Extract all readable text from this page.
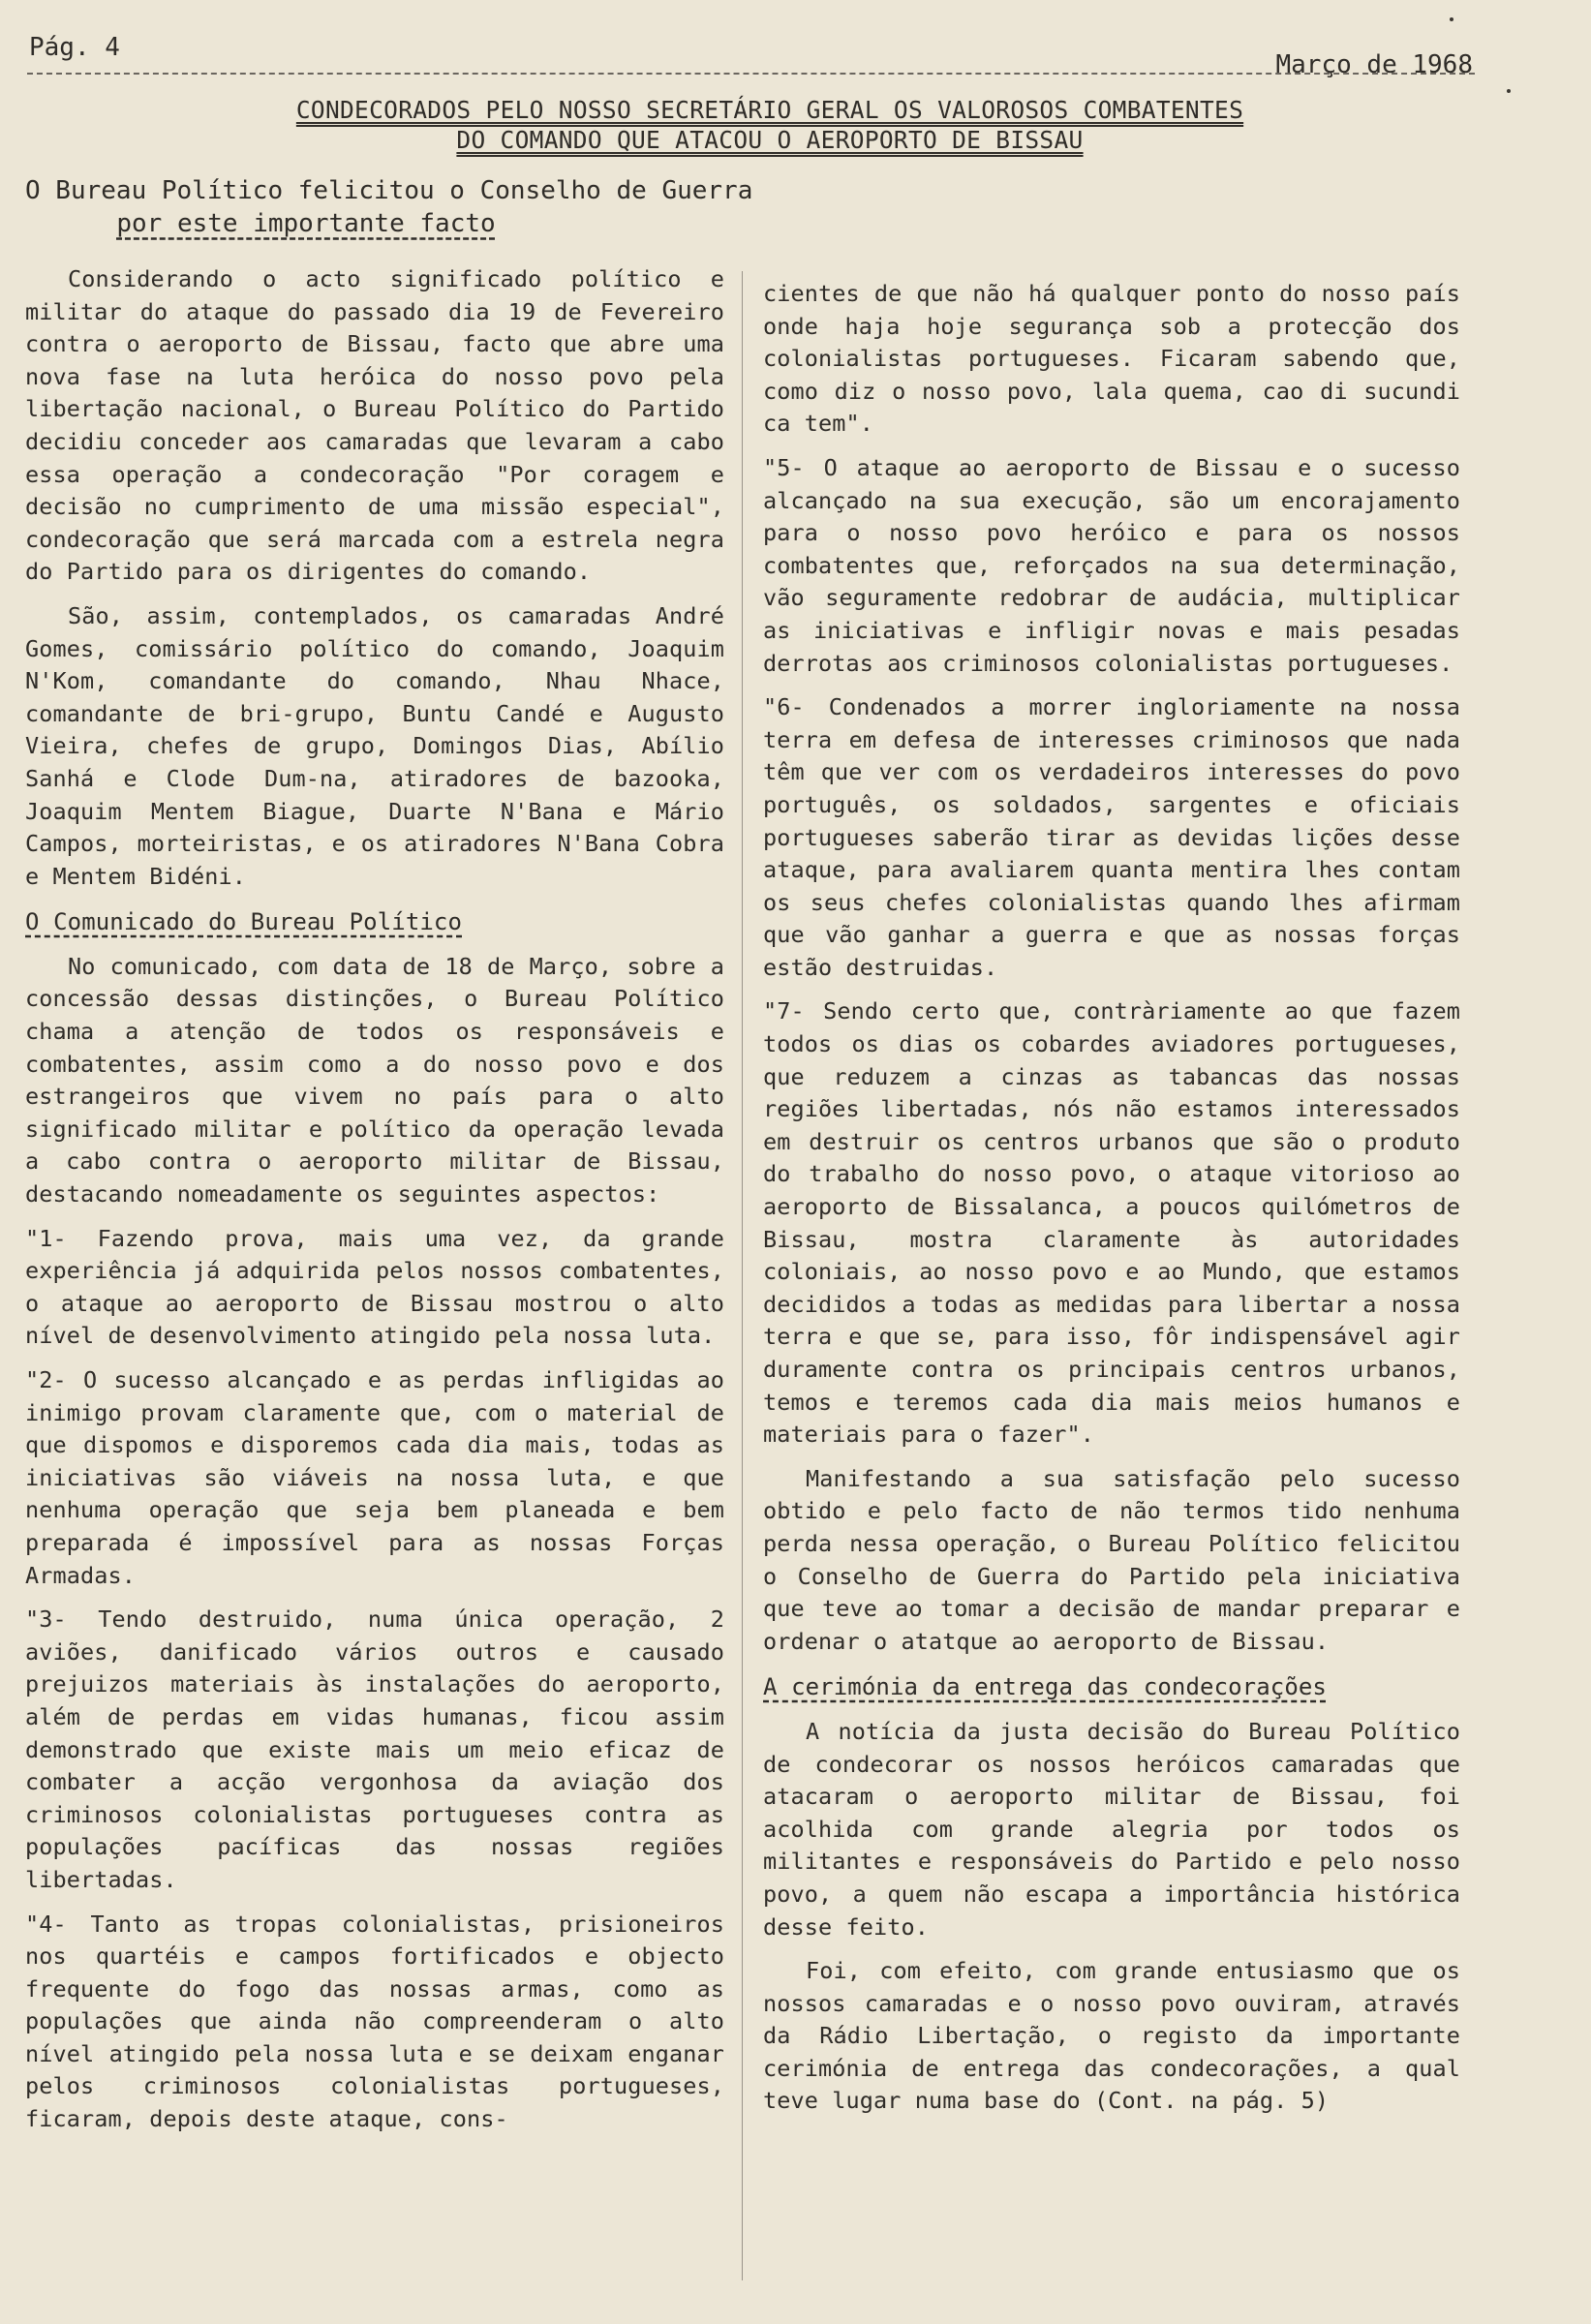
Pág. 4
Março de 1968
CONDECORADOS PELO NOSSO SECRETÁRIO GERAL OS VALOROSOS COMBATENTES
DO COMANDO QUE ATACOU O AEROPORTO DE BISSAU
O Bureau Político felicitou o Conselho de Guerra
por este importante facto

Considerando o acto significado político e militar do ataque do passado dia 19 de Fevereiro contra o aeroporto de Bissau, facto que abre uma nova fase na luta heróica do nosso povo pela libertação nacional, o Bureau Político do Partido decidiu conceder aos camaradas que levaram a cabo essa operação a condecoração "Por coragem e decisão no cumprimento de uma missão especial", condecoração que será marcada com a estrela negra do Partido para os dirigentes do comando.

São, assim, contemplados, os camaradas André Gomes, comissário político do comando, Joaquim N'Kom, comandante do comando, Nhau Nhace, comandante de bri-grupo, Buntu Candé e Augusto Vieira, chefes de grupo, Domingos Dias, Abílio Sanhá e Clode Dum-na, atiradores de bazooka, Joaquim Mentem Biague, Duarte N'Bana e Mário Campos, morteiristas, e os atiradores N'Bana Cobra e Mentem Bidéni.

O Comunicado do Bureau Político

No comunicado, com data de 18 de Março, sobre a concessão dessas distinções, o Bureau Político chama a atenção de todos os responsáveis e combatentes, assim como a do nosso povo e dos estrangeiros que vivem no país para o alto significado militar e político da operação levada a cabo contra o aeroporto militar de Bissau, destacando nomeadamente os seguintes aspectos:

"1- Fazendo prova, mais uma vez, da grande experiência já adquirida pelos nossos combatentes, o ataque ao aeroporto de Bissau mostrou o alto nível de desenvolvimento atingido pela nossa luta.

"2- O sucesso alcançado e as perdas infligidas ao inimigo provam claramente que, com o material de que dispomos e disporemos cada dia mais, todas as iniciativas são viáveis na nossa luta, e que nenhuma operação que seja bem planeada e bem preparada é impossível para as nossas Forças Armadas.

"3- Tendo destruido, numa única operação, 2 aviões, danificado vários outros e causado prejuizos materiais às instalações do aeroporto, além de perdas em vidas humanas, ficou assim demonstrado que existe mais um meio eficaz de combater a acção vergonhosa da aviação dos criminosos colonialistas portugueses contra as populações pacíficas das nossas regiões libertadas.

"4- Tanto as tropas colonialistas, prisioneiros nos quartéis e campos fortificados e objecto frequente do fogo das nossas armas, como as populações que ainda não compreenderam o alto nível atingido pela nossa luta e se deixam enganar pelos criminosos colonialistas portugueses, ficaram, depois deste ataque, cons-

cientes de que não há qualquer ponto do nosso país onde haja hoje segurança sob a protecção dos colonialistas portugueses. Ficaram sabendo que, como diz o nosso povo, lala quema, cao di sucundi ca tem".

"5- O ataque ao aeroporto de Bissau e o sucesso alcançado na sua execução, são um encorajamento para o nosso povo heróico e para os nossos combatentes que, reforçados na sua determinação, vão seguramente redobrar de audácia, multiplicar as iniciativas e infligir novas e mais pesadas derrotas aos criminosos colonialistas portugueses.

"6- Condenados a morrer ingloriamente na nossa terra em defesa de interesses criminosos que nada têm que ver com os verdadeiros interesses do povo português, os soldados, sargentes e oficiais portugueses saberão tirar as devidas lições desse ataque, para avaliarem quanta mentira lhes contam os seus chefes colonialistas quando lhes afirmam que vão ganhar a guerra e que as nossas forças estão destruidas.

"7- Sendo certo que, contràriamente ao que fazem todos os dias os cobardes aviadores portugueses, que reduzem a cinzas as tabancas das nossas regiões libertadas, nós não estamos interessados em destruir os centros urbanos que são o produto do trabalho do nosso povo, o ataque vitorioso ao aeroporto de Bissalanca, a poucos quilómetros de Bissau, mostra claramente às autoridades coloniais, ao nosso povo e ao Mundo, que estamos decididos a todas as medidas para libertar a nossa terra e que se, para isso, fôr indispensável agir duramente contra os principais centros urbanos, temos e teremos cada dia mais meios humanos e materiais para o fazer".

Manifestando a sua satisfação pelo sucesso obtido e pelo facto de não termos tido nenhuma perda nessa operação, o Bureau Político felicitou o Conselho de Guerra do Partido pela iniciativa que teve ao tomar a decisão de mandar preparar e ordenar o atatque ao aeroporto de Bissau.

A cerimónia da entrega das condecorações

A notícia da justa decisão do Bureau Político de condecorar os nossos heróicos camaradas que atacaram o aeroporto militar de Bissau, foi acolhida com grande alegria por todos os militantes e responsáveis do Partido e pelo nosso povo, a quem não escapa a importância histórica desse feito.

Foi, com efeito, com grande entusiasmo que os nossos camaradas e o nosso povo ouviram, através da Rádio Libertação, o registo da importante cerimónia de entrega das condecorações, a qual teve lugar numa base do (Cont. na pág. 5)
